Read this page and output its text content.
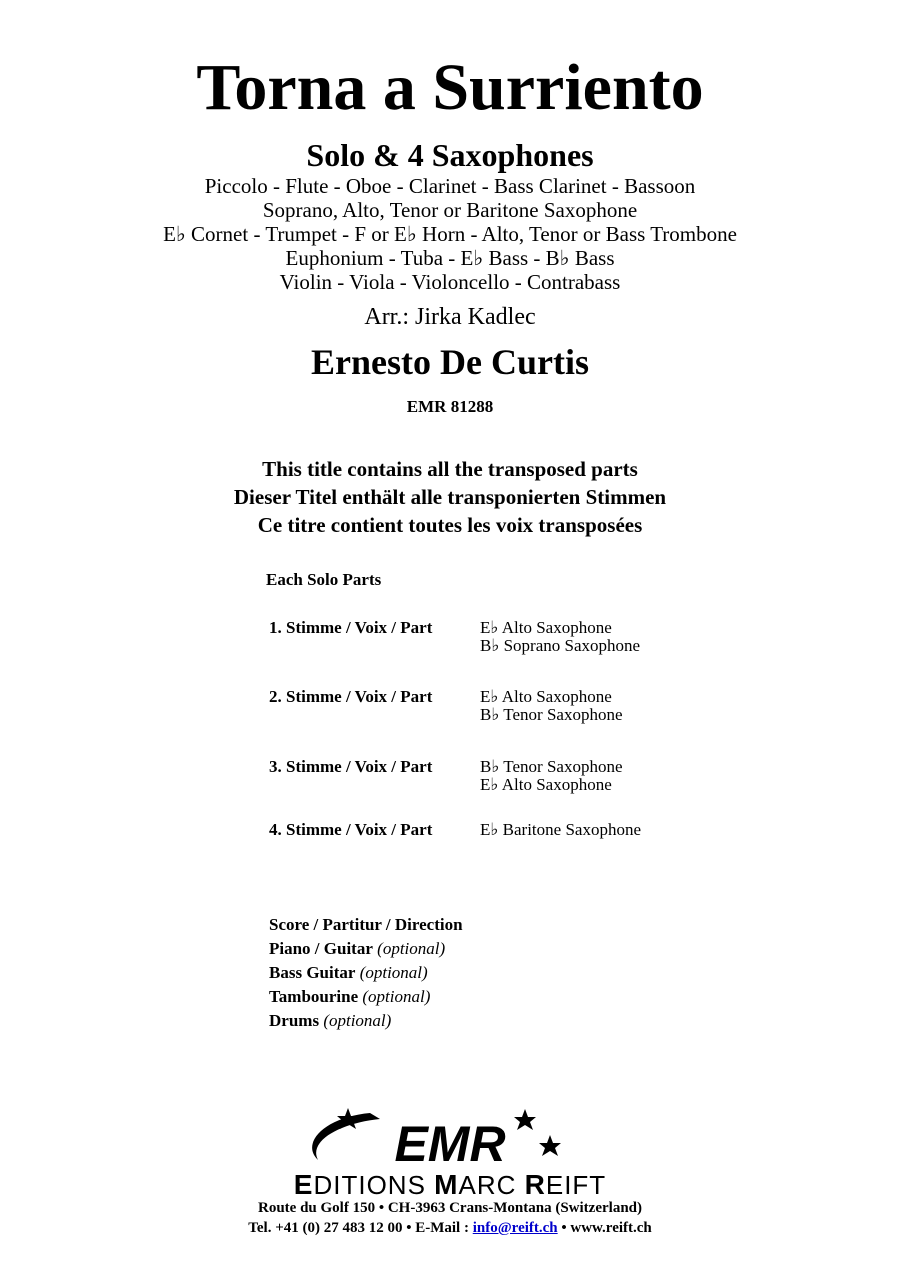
Torna a Surriento
Solo & 4 Saxophones
Piccolo - Flute - Oboe - Clarinet - Bass Clarinet - Bassoon
Soprano, Alto, Tenor or Baritone Saxophone
E♭ Cornet - Trumpet - F or E♭ Horn - Alto, Tenor or Bass Trombone
Euphonium - Tuba - E♭ Bass - B♭ Bass
Violin - Viola - Violoncello - Contrabass
Arr.: Jirka Kadlec
Ernesto De Curtis
EMR 81288
This title contains all the transposed parts
Dieser Titel enthält alle transponierten Stimmen
Ce titre contient toutes les voix transposées
Each Solo Parts
1. Stimme / Voix / Part	E♭ Alto Saxophone
B♭ Soprano Saxophone
2. Stimme / Voix / Part	E♭ Alto Saxophone
B♭ Tenor Saxophone
3. Stimme / Voix / Part	B♭ Tenor Saxophone
E♭ Alto Saxophone
4. Stimme / Voix / Part	E♭ Baritone Saxophone
Score / Partitur / Direction
Piano / Guitar (optional)
Bass Guitar (optional)
Tambourine (optional)
Drums (optional)
EMR
EDITIONS MARC REIFT
Route du Golf 150 • CH-3963 Crans-Montana (Switzerland)
Tel. +41 (0) 27 483 12 00 • E-Mail : info@reift.ch • www.reift.ch
